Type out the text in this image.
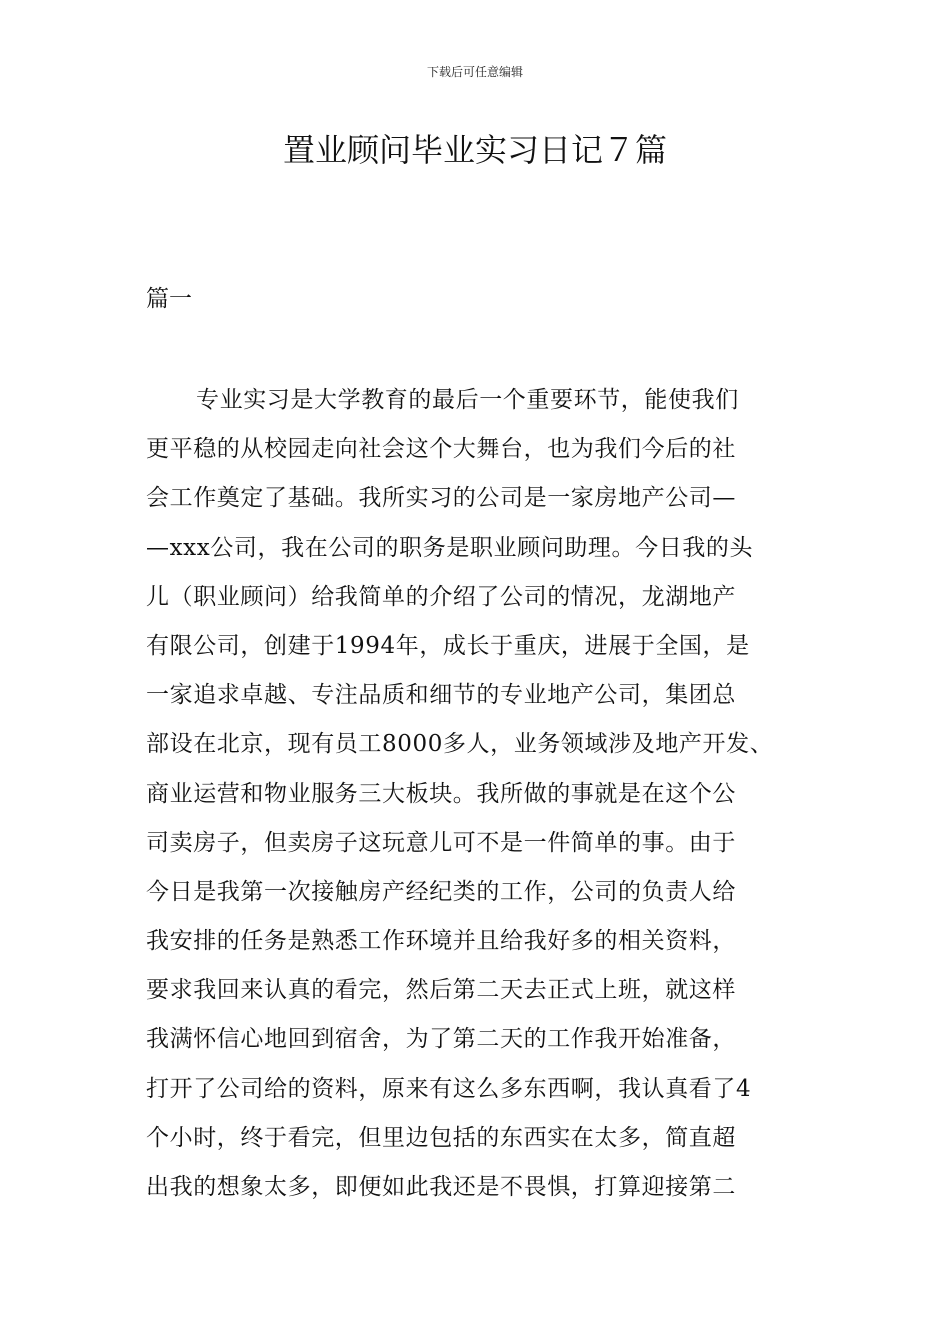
下载后可任意编辑
置业顾问毕业实习日记７篇
篇一
专业实习是大学教育的最后一个重要环节，能使我们
更平稳的从校园走向社会这个大舞台，也为我们今后的社
会工作奠定了基础。我所实习的公司是一家房地产公司—
—xxx公司，我在公司的职务是职业顾问助理。今日我的头
儿（职业顾问）给我简单的介绍了公司的情况，龙湖地产
有限公司，创建于1994年，成长于重庆，进展于全国，是
一家追求卓越、专注品质和细节的专业地产公司，集团总
部设在北京，现有员工8000多人，业务领域涉及地产开发、
商业运营和物业服务三大板块。我所做的事就是在这个公
司卖房子，但卖房子这玩意儿可不是一件简单的事。由于
今日是我第一次接触房产经纪类的工作，公司的负责人给
我安排的任务是熟悉工作环境并且给我好多的相关资料，
要求我回来认真的看完，然后第二天去正式上班，就这样
我满怀信心地回到宿舍，为了第二天的工作我开始准备，
打开了公司给的资料，原来有这么多东西啊，我认真看了4
个小时，终于看完，但里边包括的东西实在太多，简直超
出我的想象太多，即便如此我还是不畏惧，打算迎接第二
